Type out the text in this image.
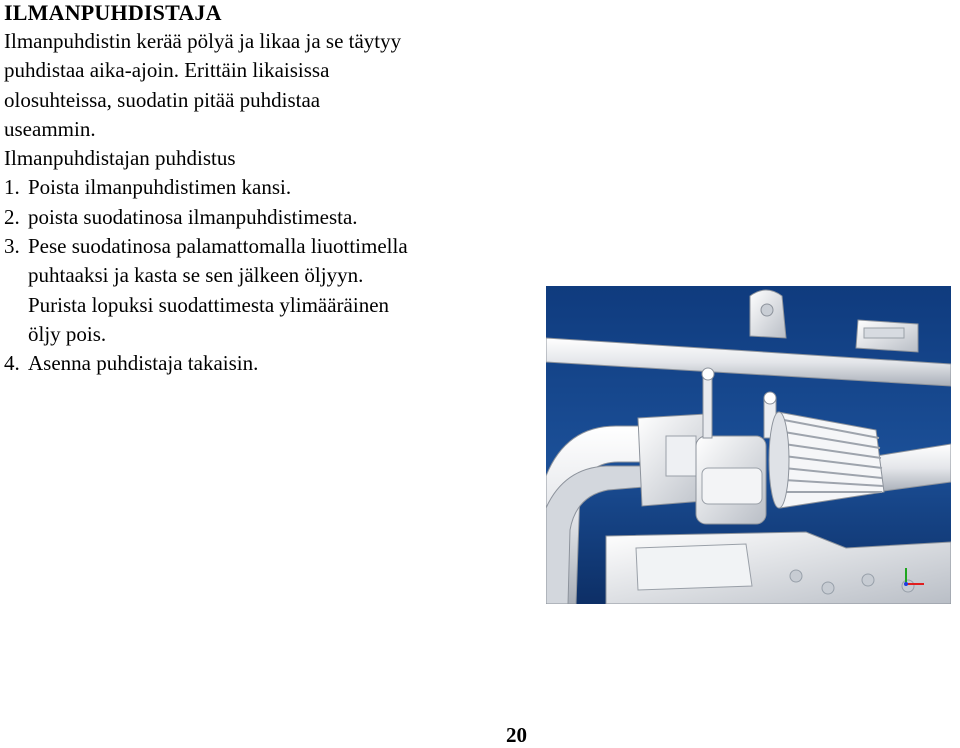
ILMANPUHDISTAJA
Ilmanpuhdistin kerää pölyä ja likaa ja se täytyy
puhdistaa aika-ajoin. Erittäin likaisissa
olosuhteissa, suodatin pitää puhdistaa
useammin.
Ilmanpuhdistajan puhdistus
1. Poista ilmanpuhdistimen kansi.
2. poista suodatinosa ilmanpuhdistimesta.
3. Pese suodatinosa palamattomalla liuottimella
puhtaaksi ja kasta se sen jälkeen öljyyn.
Purista lopuksi suodattimesta ylimääräinen
öljy pois.
4. Asenna puhdistaja takaisin.
20
